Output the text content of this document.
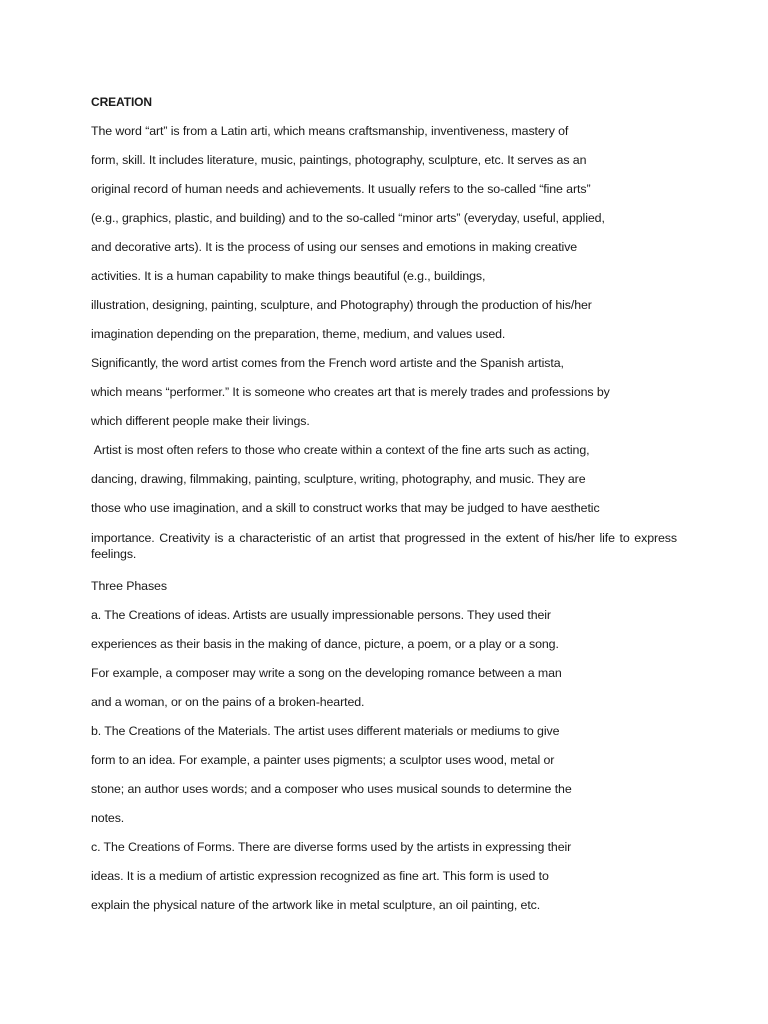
CREATION
The word “art” is from a Latin arti, which means craftsmanship, inventiveness, mastery of
form, skill. It includes literature, music, paintings, photography, sculpture, etc. It serves as an
original record of human needs and achievements. It usually refers to the so-called “fine arts”
(e.g., graphics, plastic, and building) and to the so-called “minor arts” (everyday, useful, applied,
and decorative arts). It is the process of using our senses and emotions in making creative
activities. It is a human capability to make things beautiful (e.g., buildings,
illustration, designing, painting, sculpture, and Photography) through the production of his/her
imagination depending on the preparation, theme, medium, and values used.
Significantly, the word artist comes from the French word artiste and the Spanish artista,
which means “performer.” It is someone who creates art that is merely trades and professions by
which different people make their livings.
Artist is most often refers to those who create within a context of the fine arts such as acting,
dancing, drawing, filmmaking, painting, sculpture, writing, photography, and music. They are
those who use imagination, and a skill to construct works that may be judged to have aesthetic
importance. Creativity is a characteristic of an artist that progressed in the extent of his/her life to express feelings.
Three Phases
a. The Creations of ideas. Artists are usually impressionable persons. They used their
experiences as their basis in the making of dance, picture, a poem, or a play or a song.
For example, a composer may write a song on the developing romance between a man
and a woman, or on the pains of a broken-hearted.
b. The Creations of the Materials. The artist uses different materials or mediums to give
form to an idea. For example, a painter uses pigments; a sculptor uses wood, metal or
stone; an author uses words; and a composer who uses musical sounds to determine the
notes.
c. The Creations of Forms. There are diverse forms used by the artists in expressing their
ideas. It is a medium of artistic expression recognized as fine art. This form is used to
explain the physical nature of the artwork like in metal sculpture, an oil painting, etc.
